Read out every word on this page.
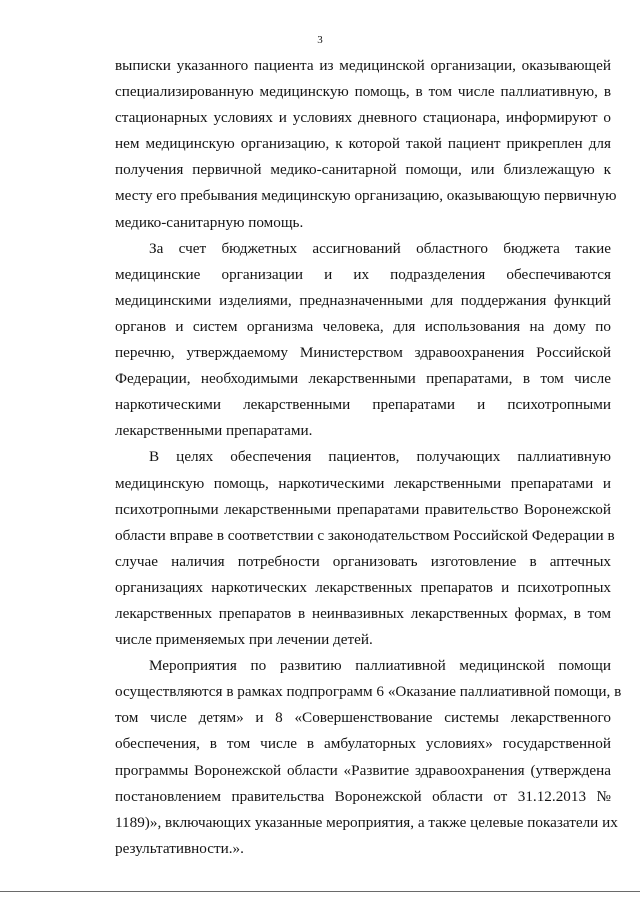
3

выписки указанного пациента из медицинской организации, оказывающей
специализированную медицинскую помощь, в том числе паллиативную, в
стационарных условиях и условиях дневного стационара, информируют о
нем медицинскую организацию, к которой такой пациент прикреплен для
получения первичной медико-санитарной помощи, или близлежащую к
месту его пребывания медицинскую организацию, оказывающую первичную
медико-санитарную помощь.

За счет бюджетных ассигнований областного бюджета такие
медицинские организации и их подразделения обеспечиваются
медицинскими изделиями, предназначенными для поддержания функций
органов и систем организма человека, для использования на дому по
перечню, утверждаемому Министерством здравоохранения Российской
Федерации, необходимыми лекарственными препаратами, в том числе
наркотическими лекарственными препаратами и психотропными
лекарственными препаратами.

В целях обеспечения пациентов, получающих паллиативную
медицинскую помощь, наркотическими лекарственными препаратами и
психотропными лекарственными препаратами правительство Воронежской
области вправе в соответствии с законодательством Российской Федерации в
случае наличия потребности организовать изготовление в аптечных
организациях наркотических лекарственных препаратов и психотропных
лекарственных препаратов в неинвазивных лекарственных формах, в том
числе применяемых при лечении детей.

Мероприятия по развитию паллиативной медицинской помощи
осуществляются в рамках подпрограмм 6 «Оказание паллиативной помощи, в
том числе детям» и 8 «Совершенствование системы лекарственного
обеспечения, в том числе в амбулаторных условиях» государственной
программы Воронежской области «Развитие здравоохранения (утверждена
постановлением правительства Воронежской области от 31.12.2013 №
1189)», включающих указанные мероприятия, а также целевые показатели их
результативности.».
